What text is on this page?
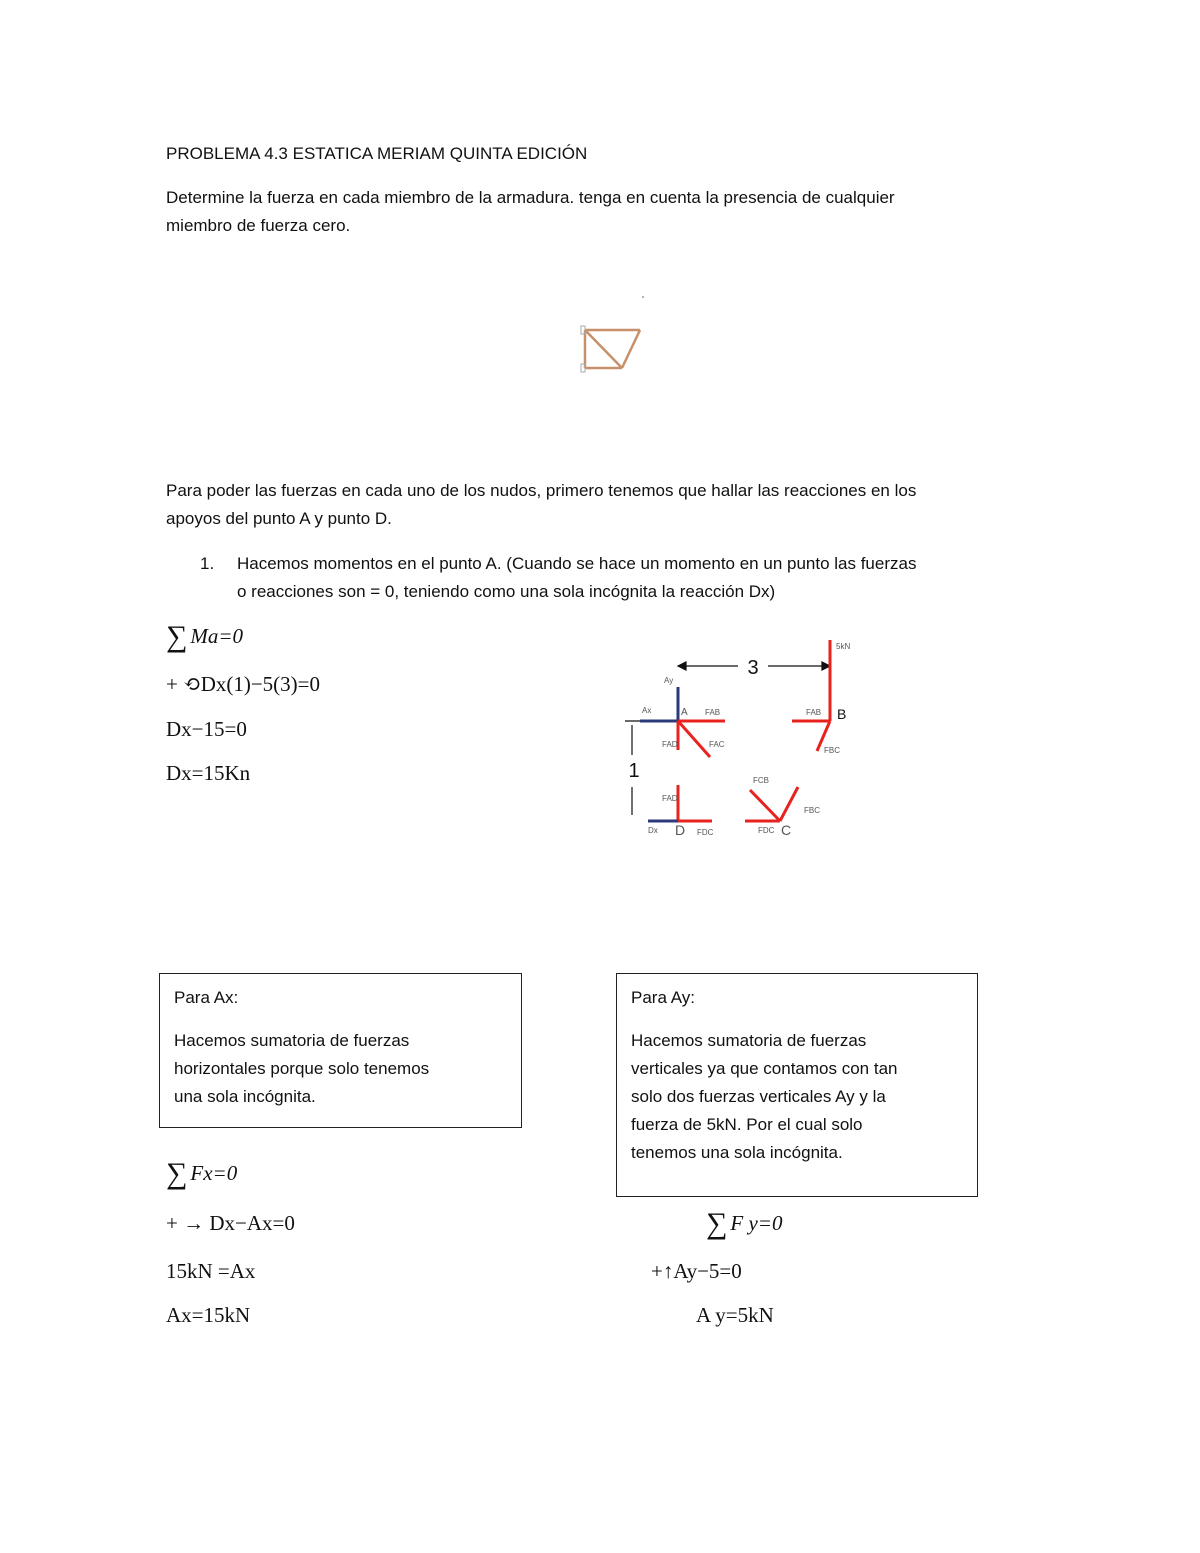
PROBLEMA 4.3 ESTATICA MERIAM QUINTA EDICIÓN
Determine la fuerza en cada miembro de la armadura. tenga en cuenta la presencia de cualquier
miembro de fuerza cero.
Para poder las fuerzas en cada uno de los nudos, primero tenemos que hallar las reacciones en los
apoyos del punto A y punto D.
1. Hacemos momentos en el punto A. (Cuando se hace un momento en un punto las fuerzas
o reacciones son = 0, teniendo como una sola incógnita la reacción Dx)
∑ Ma=0
+ ⟲Dx(1)−5(3)=0
Dx−15=0
Dx=15Kn
3
1
Ay
Ax	A FAB
FAD	FAC
5kN
FAB B
FBC
FAD
Dx D FDC
FCB
FBC
FDC C

Para Ax:

Hacemos sumatoria de fuerzas

horizontales porque solo tenemos

una sola incógnita.

Para Ay:

Hacemos sumatoria de fuerzas

verticales ya que contamos con tan

solo dos fuerzas verticales Ay y la

fuerza de 5kN. Por el cual solo

tenemos una sola incógnita.

∑ Fx=0
+ → Dx−Ax=0
15kN =Ax
Ax=15kN
∑ F y=0
+↑Ay−5=0
A y=5kN
